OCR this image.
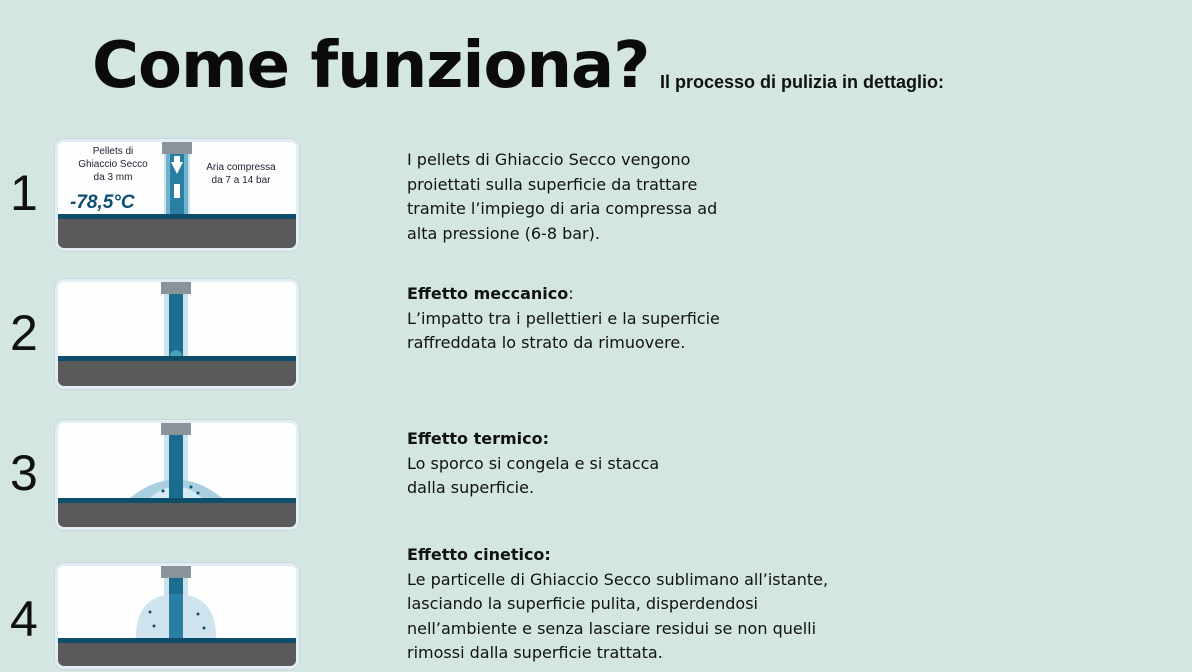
Come funziona? Il processo di pulizia in dettaglio:
1
Pellets di
Ghiaccio Secco
da 3 mm
-78,5°C
Aria compressa
da 7 a 14 bar

I pellets di Ghiaccio Secco vengono

proiettati sulla superficie da trattare

tramite l’impiego di aria compressa ad

alta pressione (6-8 bar).

2

Effetto meccanico:

L’impatto tra i pellettieri e la superficie

raffreddata lo strato da rimuovere.

3

Effetto termico:

Lo sporco si congela e si stacca

dalla superficie.

4

Effetto cinetico:

Le particelle di Ghiaccio Secco sublimano all’istante,

lasciando la superficie pulita, disperdendosi

nell’ambiente e senza lasciare residui se non quelli

rimossi dalla superficie trattata.
